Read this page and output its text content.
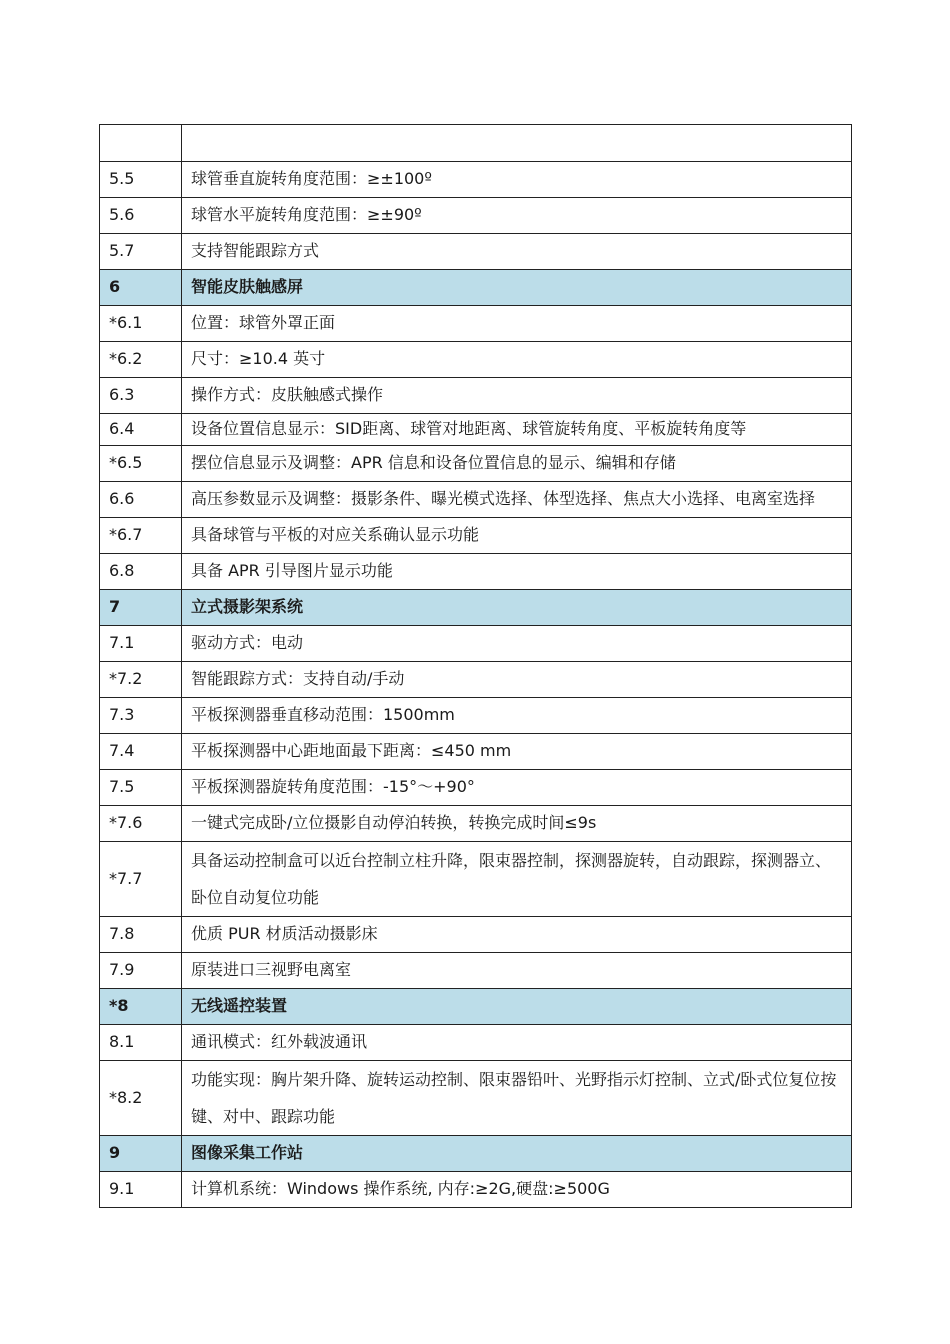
5.5	球管垂直旋转角度范围：≥±100º
5.6	球管水平旋转角度范围：≥±90º
5.7	支持智能跟踪方式
6	智能皮肤触感屏
*6.1	位置：球管外罩正面
*6.2	尺寸：≥10.4 英寸
6.3	操作方式：皮肤触感式操作
6.4	设备位置信息显示：SID距离、球管对地距离、球管旋转角度、平板旋转角度等
*6.5	摆位信息显示及调整：APR 信息和设备位置信息的显示、编辑和存储
6.6	高压参数显示及调整：摄影条件、曝光模式选择、体型选择、焦点大小选择、电离室选择
*6.7	具备球管与平板的对应关系确认显示功能
6.8	具备 APR 引导图片显示功能
7	立式摄影架系统
7.1	驱动方式：电动
*7.2	智能跟踪方式：支持自动/手动
7.3	平板探测器垂直移动范围：1500mm
7.4	平板探测器中心距地面最下距离：≤450 mm
7.5	平板探测器旋转角度范围：-15°～+90°
*7.6	一键式完成卧/立位摄影自动停泊转换，转换完成时间≤9s
*7.7	具备运动控制盒可以近台控制立柱升降，限束器控制，探测器旋转，自动跟踪，探测器立、卧位自动复位功能
7.8	优质 PUR 材质活动摄影床
7.9	原装进口三视野电离室
*8	无线遥控装置
8.1	通讯模式：红外载波通讯
*8.2	功能实现：胸片架升降、旋转运动控制、限束器铅叶、光野指示灯控制、立式/卧式位复位按键、对中、跟踪功能
9	图像采集工作站
9.1	计算机系统：Windows 操作系统, 内存:≥2G,硬盘:≥500G
